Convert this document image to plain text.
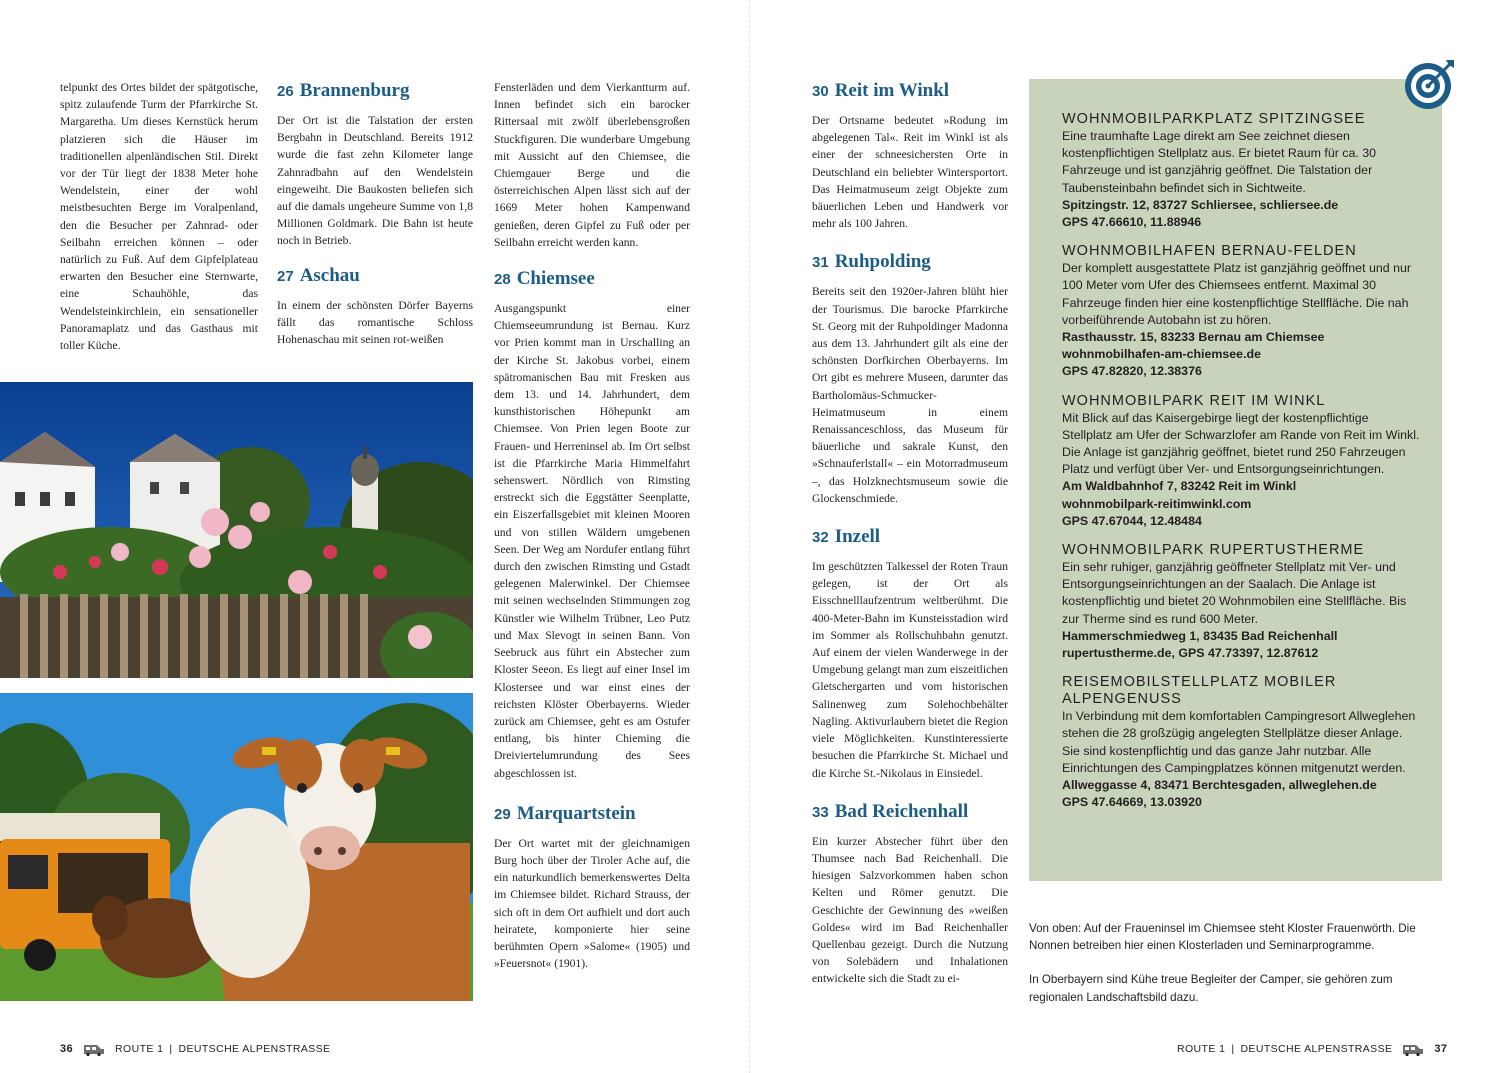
telpunkt des Ortes bildet der spätgotische, spitz zulaufende Turm der Pfarrkirche St. Margaretha. Um dieses Kernstück herum platzieren sich die Häuser im traditionellen alpenländischen Stil. Direkt vor der Tür liegt der 1838 Meter hohe Wendelstein, einer der wohl meistbesuchten Berge im Voralpenland, den die Besucher per Zahnrad- oder Seilbahn erreichen können – oder natürlich zu Fuß. Auf dem Gipfelplateau erwarten den Besucher eine Sternwarte, eine Schauhöhle, das Wendelsteinkirchlein, ein sensationeller Panoramaplatz und das Gasthaus mit toller Küche.

26 Brannenburg

Der Ort ist die Talstation der ersten Bergbahn in Deutschland. Bereits 1912 wurde die fast zehn Kilometer lange Zahnradbahn auf den Wendelstein eingeweiht. Die Baukosten beliefen sich auf die damals ungeheure Summe von 1,8 Millionen Goldmark. Die Bahn ist heute noch in Betrieb.

27 Aschau

In einem der schönsten Dörfer Bayerns fällt das romantische Schloss Hohenaschau mit seinen rot-weißen

Fensterläden und dem Vierkantturm auf. Innen befindet sich ein barocker Rittersaal mit zwölf überlebensgroßen Stuckfiguren. Die wunderbare Umgebung mit Aussicht auf den Chiemsee, die Chiemgauer Berge und die österreichischen Alpen lässt sich auf der 1669 Meter hohen Kampenwand genießen, deren Gipfel zu Fuß oder per Seilbahn erreicht werden kann.

28 Chiemsee

Ausgangspunkt einer Chiemseeumrundung ist Bernau. Kurz vor Prien kommt man in Urschalling an der Kirche St. Jakobus vorbei, einem spätromanischen Bau mit Fresken aus dem 13. und 14. Jahrhundert, dem kunsthistorischen Höhepunkt am Chiemsee. Von Prien legen Boote zur Frauen- und Herreninsel ab. Im Ort selbst ist die Pfarrkirche Maria Himmelfahrt sehenswert. Nördlich von Rimsting erstreckt sich die Eggstätter Seenplatte, ein Eiszerfallsgebiet mit kleinen Mooren und von stillen Wäldern umgebenen Seen. Der Weg am Nordufer entlang führt durch den zwischen Rimsting und Gstadt gelegenen Malerwinkel. Der Chiemsee mit seinen wechselnden Stimmungen zog Künstler wie Wilhelm Trübner, Leo Putz und Max Slevogt in seinen Bann. Von Seebruck aus führt ein Abstecher zum Kloster Seeon. Es liegt auf einer Insel im Klostersee und war einst eines der reichsten Klöster Oberbayerns. Wieder zurück am Chiemsee, geht es am Ostufer entlang, bis hinter Chieming die Dreiviertelumrundung des Sees abgeschlossen ist.

29 Marquartstein

Der Ort wartet mit der gleichnamigen Burg hoch über der Tiroler Ache auf, die ein naturkundlich bemerkenswertes Delta im Chiemsee bildet. Richard Strauss, der sich oft in dem Ort aufhielt und dort auch heiratete, komponierte hier seine berühmten Opern »Salome« (1905) und »Feuersnot« (1901).

36	ROUTE 1 | DEUTSCHE ALPENSTRASSE
30 Reit im Winkl

Der Ortsname bedeutet »Rodung im abgelegenen Tal«. Reit im Winkl ist als einer der schneesichersten Orte in Deutschland ein beliebter Wintersportort. Das Heimatmuseum zeigt Objekte zum bäuerlichen Leben und Handwerk vor mehr als 100 Jahren.

31 Ruhpolding

Bereits seit den 1920er-Jahren blüht hier der Tourismus. Die barocke Pfarrkirche St. Georg mit der Ruhpoldinger Madonna aus dem 13. Jahrhundert gilt als eine der schönsten Dorfkirchen Oberbayerns. Im Ort gibt es mehrere Museen, darunter das Bartholomäus-Schmucker-Heimatmuseum in einem Renaissanceschloss, das Museum für bäuerliche und sakrale Kunst, den »Schnauferlstall« – ein Motorradmuseum –, das Holzknechtsmuseum sowie die Glockenschmiede.

32 Inzell

Im geschützten Talkessel der Roten Traun gelegen, ist der Ort als Eisschnelllaufzentrum weltberühmt. Die 400-Meter-Bahn im Kunsteisstadion wird im Sommer als Rollschuhbahn genutzt. Auf einem der vielen Wanderwege in der Umgebung gelangt man zum eiszeitlichen Gletschergarten und vom historischen Salinenweg zum Solehochbehälter Nagling. Aktivurlaubern bietet die Region viele Möglichkeiten. Kunstinteressierte besuchen die Pfarrkirche St. Michael und die Kirche St.-Nikolaus in Einsiedel.

33 Bad Reichenhall

Ein kurzer Abstecher führt über den Thumsee nach Bad Reichenhall. Die hiesigen Salzvorkommen haben schon Kelten und Römer genutzt. Die Geschichte der Gewinnung des »weißen Goldes« wird im Bad Reichenhaller Quellenbau gezeigt. Durch die Nutzung von Solebädern und Inhalationen entwickelte sich die Stadt zu ei-

WOHNMOBILPARKPLATZ SPITZINGSEE
Eine traumhafte Lage direkt am See zeichnet diesen kostenpflichtigen Stellplatz aus. Er bietet Raum für ca. 30 Fahrzeuge und ist ganzjährig geöffnet. Die Talstation der Taubensteinbahn befindet sich in Sichtweite.
Spitzingstr. 12, 83727 Schliersee, schliersee.de
GPS 47.66610, 11.88946
WOHNMOBILHAFEN BERNAU-FELDEN
Der komplett ausgestattete Platz ist ganzjährig geöffnet und nur 100 Meter vom Ufer des Chiemsees entfernt. Maximal 30 Fahrzeuge finden hier eine kostenpflichtige Stellfläche. Die nah vorbeiführende Autobahn ist zu hören.
Rasthausstr. 15, 83233 Bernau am Chiemsee
wohnmobilhafen-am-chiemsee.de
GPS 47.82820, 12.38376
WOHNMOBILPARK REIT IM WINKL
Mit Blick auf das Kaisergebirge liegt der kostenpflichtige Stellplatz am Ufer der Schwarzlofer am Rande von Reit im Winkl. Die Anlage ist ganzjährig geöffnet, bietet rund 250 Fahrzeugen Platz und verfügt über Ver- und Entsorgungseinrichtungen.
Am Waldbahnhof 7, 83242 Reit im Winkl
wohnmobilpark-reitimwinkl.com
GPS 47.67044, 12.48484
WOHNMOBILPARK RUPERTUSTHERME
Ein sehr ruhiger, ganzjährig geöffneter Stellplatz mit Ver- und Entsorgungseinrichtungen an der Saalach. Die Anlage ist kostenpflichtig und bietet 20 Wohnmobilen eine Stellfläche. Bis zur Therme sind es rund 600 Meter.
Hammerschmiedweg 1, 83435 Bad Reichenhall
rupertustherme.de, GPS 47.73397, 12.87612
REISEMOBILSTELLPLATZ MOBILER ALPENGENUSS
In Verbindung mit dem komfortablen Campingresort Allweglehen stehen die 28 großzügig angelegten Stellplätze dieser Anlage. Sie sind kostenpflichtig und das ganze Jahr nutzbar. Alle Einrichtungen des Campingplatzes können mitgenutzt werden.
Allweggasse 4, 83471 Berchtesgaden, allweglehen.de
GPS 47.64669, 13.03920

Von oben: Auf der Fraueninsel im Chiemsee steht Kloster Frauenwörth. Die Nonnen betreiben hier einen Klosterladen und Seminarprogramme.

In Oberbayern sind Kühe treue Begleiter der Camper, sie gehören zum regionalen Landschaftsbild dazu.

ROUTE 1 | DEUTSCHE ALPENSTRASSE	37
